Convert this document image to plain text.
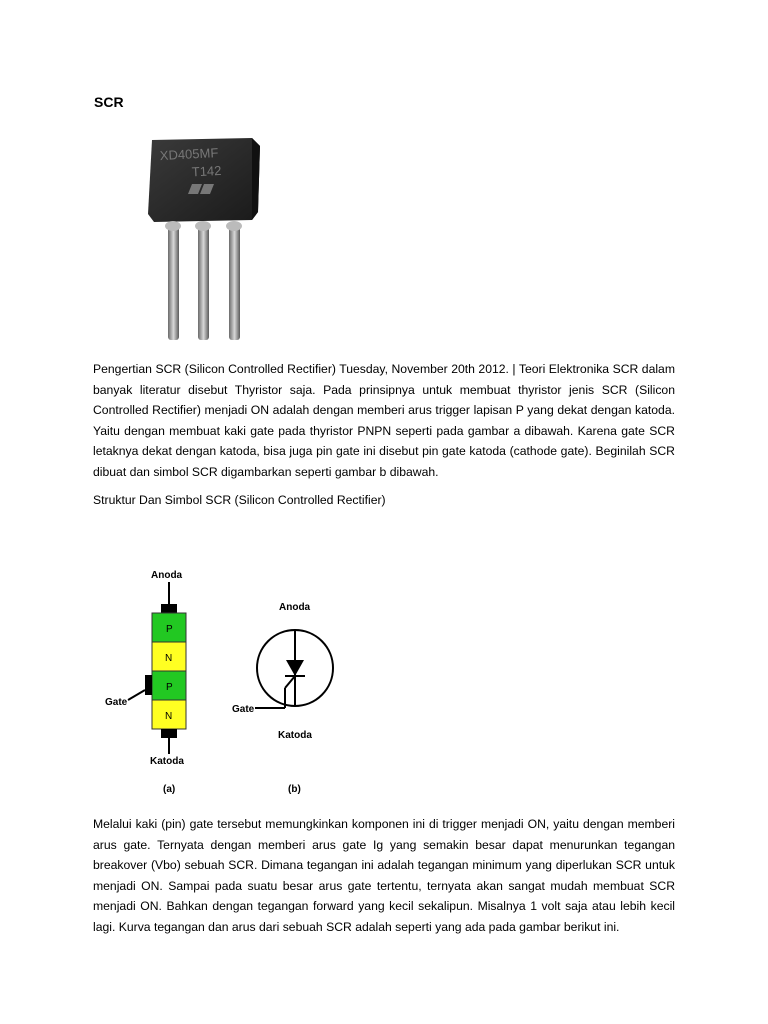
SCR
XD405MF
T142

Pengertian SCR (Silicon Controlled Rectifier) Tuesday, November 20th 2012. | Teori Elektronika SCR dalam banyak literatur disebut Thyristor saja. Pada prinsipnya untuk membuat thyristor jenis SCR (Silicon Controlled Rectifier) menjadi ON adalah dengan memberi arus trigger lapisan P yang dekat dengan katoda. Yaitu dengan membuat kaki gate pada thyristor PNPN seperti pada gambar a dibawah. Karena gate SCR letaknya dekat dengan katoda, bisa juga pin gate ini disebut pin gate katoda (cathode gate). Beginilah SCR dibuat dan simbol SCR digambarkan seperti gambar b dibawah.

Struktur Dan Simbol SCR (Silicon Controlled Rectifier)

Anoda
P
N
P
N
Gate
Katoda
(a)
Anoda
Gate
Katoda
(b)

Melalui kaki (pin) gate tersebut memungkinkan komponen ini di trigger menjadi ON, yaitu dengan memberi arus gate. Ternyata dengan memberi arus gate Ig yang semakin besar dapat menurunkan tegangan breakover (Vbo) sebuah SCR. Dimana tegangan ini adalah tegangan minimum yang diperlukan SCR untuk menjadi ON. Sampai pada suatu besar arus gate tertentu, ternyata akan sangat mudah membuat SCR menjadi ON. Bahkan dengan tegangan forward yang kecil sekalipun. Misalnya 1 volt saja atau lebih kecil lagi. Kurva tegangan dan arus dari sebuah SCR adalah seperti yang ada pada gambar berikut ini.
